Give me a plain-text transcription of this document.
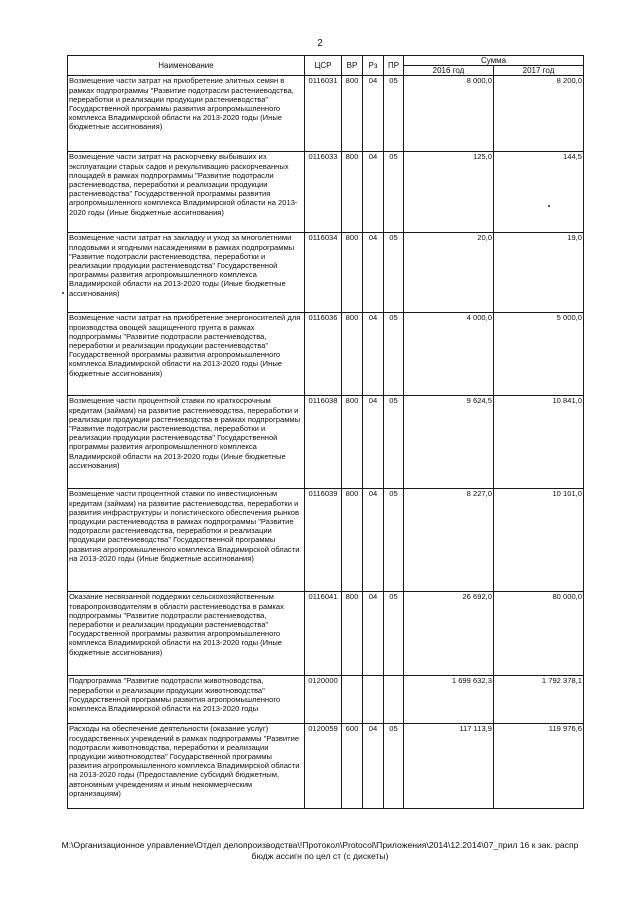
2
Наименование	ЦСР	ВР	Рз	ПР	Сумма	
					2016 год	2017 год
Возмещение части затрат на приобретение элитных семян в рамках подпрограммы "Развитие подотрасли растениеводства, переработки и реализации продукции растениеводства" Государственной программы развития агропромышленного комплекса Владимирской области на 2013-2020 годы (Иные бюджетные ассигнования)	0116031	800	04	05	8 000,0	8 200,0
Возмещение части затрат на раскорчевку выбывших из эксплуатации старых садов и рекультивацию раскорчеванных площадей в рамках подпрограммы "Развитие подотрасли растениеводства, переработки и реализации продукции растениеводства" Государственной программы развития агропромышленного комплекса Владимирской области на 2013-2020 годы (Иные бюджетные ассигнования)	0116033	800	04	05	125,0	144,5
Возмещение части затрат на закладку и уход за многолетними плодовыми и ягодными насаждениями в рамках подпрограммы "Развитие подотрасли растениеводства, переработки и реализации продукции растениеводства" Государственной программы развития агропромышленного комплекса Владимирской области на 2013-2020 годы (Иные бюджетные ассигнования)	0116034	800	04	05	20,0	19,0
Возмещение части затрат на приобретение энергоносителей для производства овощей защищенного грунта в рамках подпрограммы "Развитие подотрасли растениеводства, переработки и реализации продукции растениеводства" Государственной программы развития агропромышленного комплекса Владимирской области на 2013-2020 годы (Иные бюджетные ассигнования)	0116036	800	04	05	4 000,0	5 000,0
Возмещение части процентной ставки по краткосрочным кредитам (займам) на развитие растениеводства, переработки и реализации продукции растениеводства в рамках подпрограммы "Развитие подотрасли растениеводства, переработки и реализации продукции растениеводства" Государственной программы развития агропромышленного комплекса Владимирской области на 2013-2020 годы (Иные бюджетные ассигнования)	0116038	800	04	05	9 624,5	10 841,0
Возмещение части процентной ставки по инвестиционным кредитам (займам) на развитие растениеводства, переработки и развития инфраструктуры и логистического обеспечения рынков продукции растениеводства в рамках подпрограммы "Развитие подотрасли растениеводства, переработки и реализации продукции растениеводства" Государственной программы развития агропромышленного комплекса Владимирской области на 2013-2020 годы (Иные бюджетные ассигнования)	0116039	800	04	05	8 227,0	10 101,0
Оказание несвязанной поддержки сельскохозяйственным товаропроизводителям в области растениеводства в рамках подпрограммы "Развитие подотрасли растениеводства, переработки и реализации продукции растениеводства" Государственной программы развития агропромышленного комплекса Владимирской области на 2013-2020 годы (Иные бюджетные ассигнования)	0116041	800	04	05	26 692,0	80 000,0
Подпрограмма "Развитие подотрасли животноводства, переработки и реализации продукции животноводства" Государственной программы развития агропромышленного комплекса Владимирской области на 2013-2020 годы	0120000				1 699 632,3	1 792 378,1
Расходы на обеспечение деятельности (оказание услуг) государственных учреждений в рамках подпрограммы "Развитие подотрасли животноводства, переработки и реализации продукции животноводства" Государственной программы развития агропромышленного комплекса Владимирской области на 2013-2020 годы (Предоставление субсидий бюджетным, автономным учреждениям и иным некоммерческим организациям)	0120059	600	04	05	117 113,9	119 976,6
М:\Организационное управление\Отдел делопроизводства\!Протокол\Protocol\Приложения\2014\12.2014\07_прил 16 к зак. распр
бюдж ассигн по цел ст (с дискеты)
